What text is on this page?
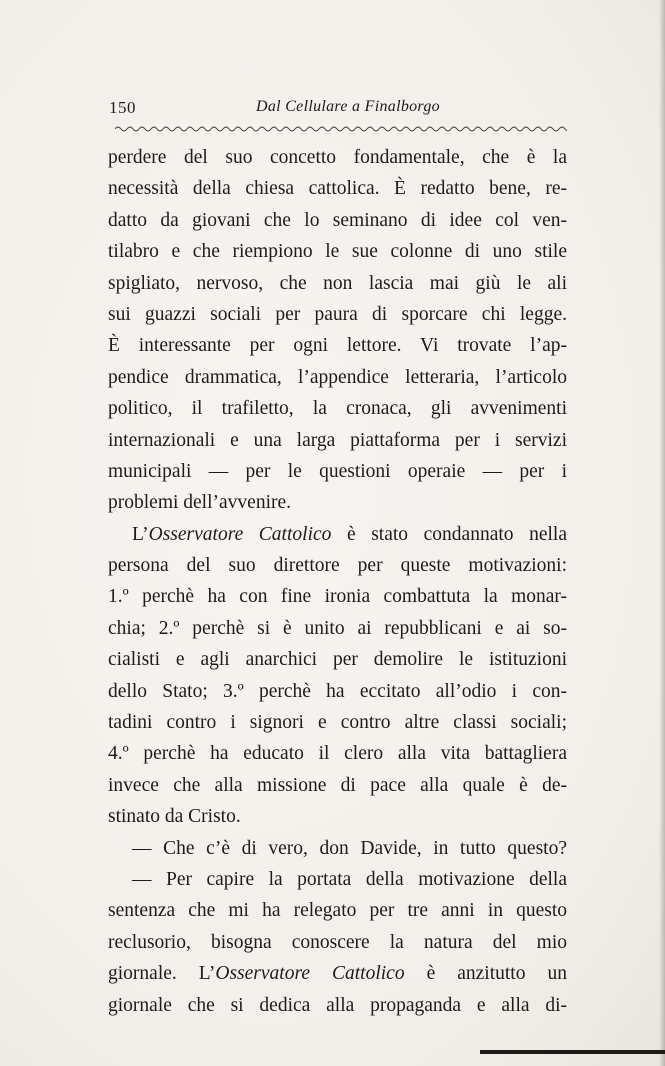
150	Dal Cellulare a Finalborgo
perdere del suo concetto fondamentale, che è la
necessità della chiesa cattolica. È redatto bene, re-
datto da giovani che lo seminano di idee col ven-
tilabro e che riempiono le sue colonne di uno stile
spigliato, nervoso, che non lascia mai giù le ali
sui guazzi sociali per paura di sporcare chi legge.
È interessante per ogni lettore. Vi trovate l’ap-
pendice drammatica, l’appendice letteraria, l’articolo
politico, il trafiletto, la cronaca, gli avvenimenti
internazionali e una larga piattaforma per i servizi
municipali — per le questioni operaie — per i
problemi dell’avvenire.
L’Osservatore Cattolico è stato condannato nella
persona del suo direttore per queste motivazioni:
1.º perchè ha con fine ironia combattuta la monar-
chia; 2.º perchè si è unito ai repubblicani e ai so-
cialisti e agli anarchici per demolire le istituzioni
dello Stato; 3.º perchè ha eccitato all’odio i con-
tadini contro i signori e contro altre classi sociali;
4.º perchè ha educato il clero alla vita battagliera
invece che alla missione di pace alla quale è de-
stinato da Cristo.
— Che c’è di vero, don Davide, in tutto questo?
— Per capire la portata della motivazione della
sentenza che mi ha relegato per tre anni in questo
reclusorio, bisogna conoscere la natura del mio
giornale. L’Osservatore Cattolico è anzitutto un
giornale che si dedica alla propaganda e alla di-
